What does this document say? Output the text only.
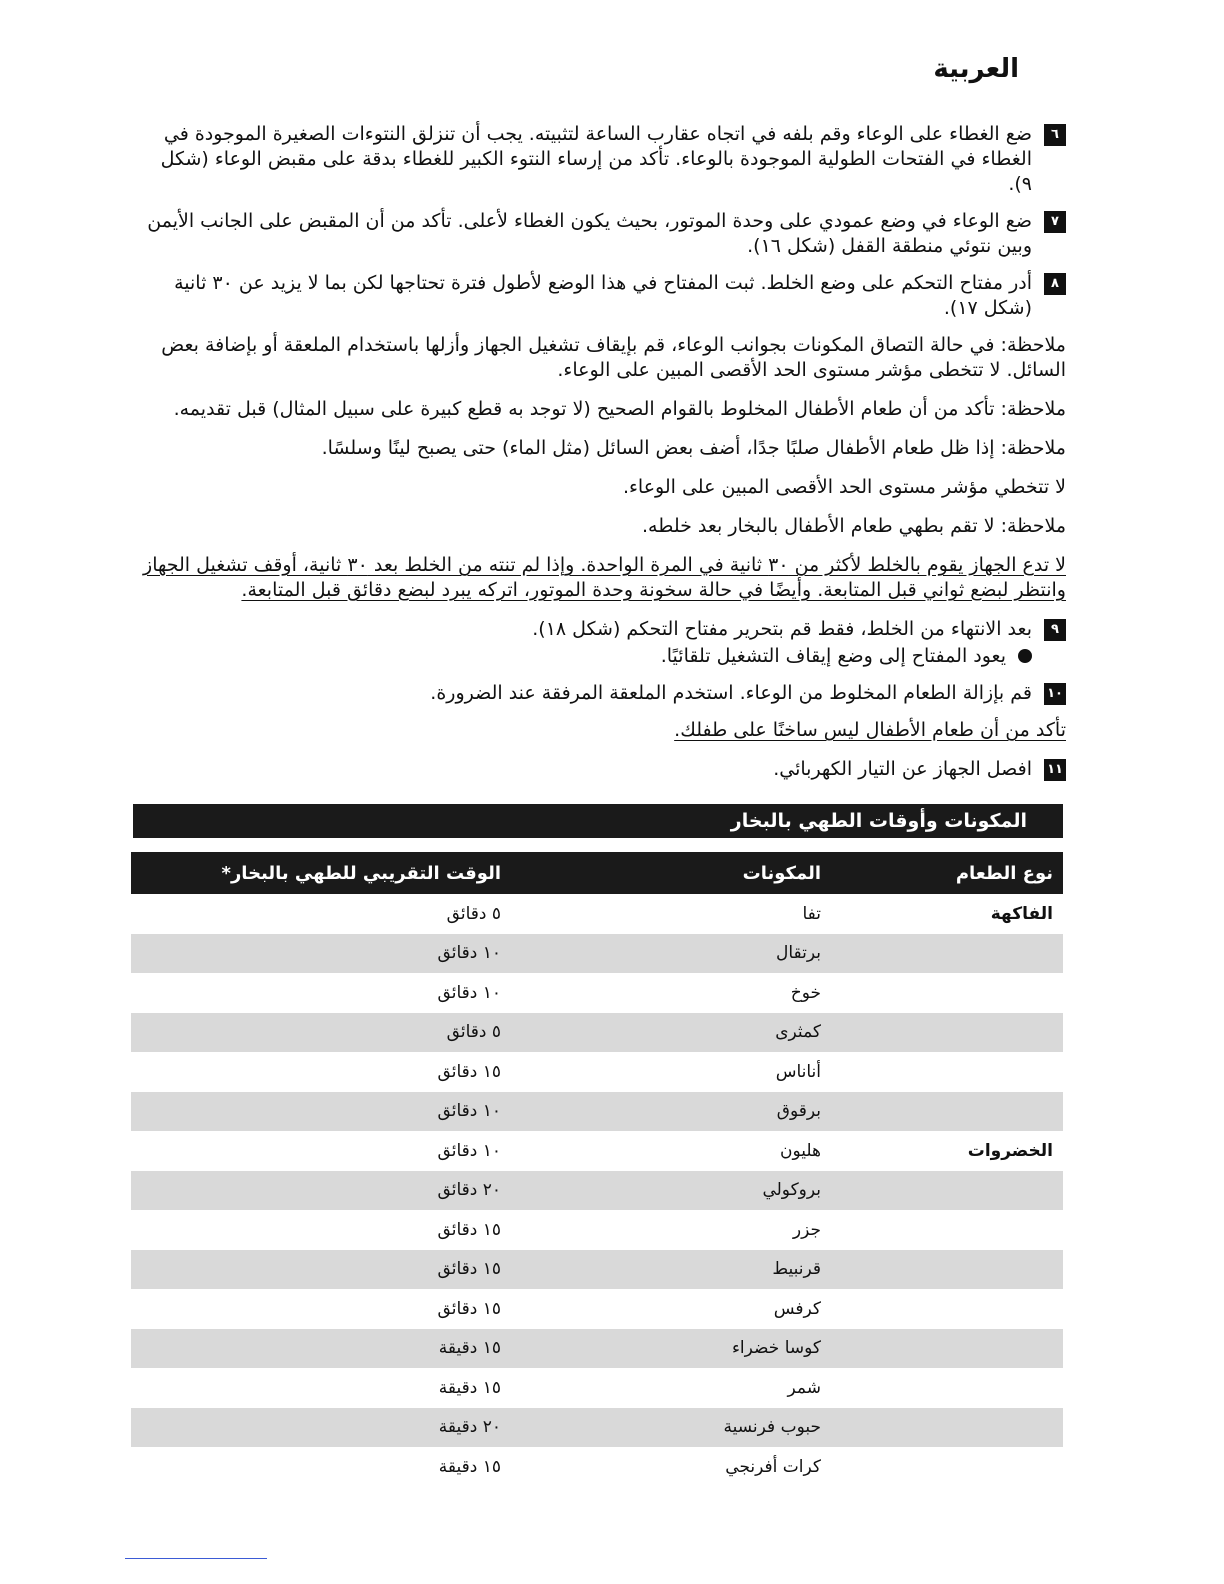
العربية
٦
ضع الغطاء على الوعاء وقم بلفه في اتجاه عقارب الساعة لتثبيته. يجب أن تنزلق النتوءات الصغيرة الموجودة في الغطاء في الفتحات الطولية الموجودة بالوعاء. تأكد من إرساء النتوء الكبير للغطاء بدقة على مقبض الوعاء (شكل ٩).
٧
ضع الوعاء في وضع عمودي على وحدة الموتور، بحيث يكون الغطاء لأعلى. تأكد من أن المقبض على الجانب الأيمن وبين نتوئي منطقة القفل (شكل ١٦).
٨
أدر مفتاح التحكم على وضع الخلط. ثبت المفتاح في هذا الوضع لأطول فترة تحتاجها لكن بما لا يزيد عن ٣٠ ثانية (شكل ١٧).
ملاحظة: في حالة التصاق المكونات بجوانب الوعاء، قم بإيقاف تشغيل الجهاز وأزلها باستخدام الملعقة أو بإضافة بعض السائل. لا تتخطى مؤشر مستوى الحد الأقصى المبين على الوعاء.
ملاحظة: تأكد من أن طعام الأطفال المخلوط بالقوام الصحيح (لا توجد به قطع كبيرة على سبيل المثال) قبل تقديمه.
ملاحظة: إذا ظل طعام الأطفال صلبًا جدًا، أضف بعض السائل (مثل الماء) حتى يصبح لينًا وسلسًا.
لا تتخطي مؤشر مستوى الحد الأقصى المبين على الوعاء.
ملاحظة: لا تقم بطهي طعام الأطفال بالبخار بعد خلطه.
لا تدع الجهاز يقوم بالخلط لأكثر من ٣٠ ثانية في المرة الواحدة. وإذا لم تنته من الخلط بعد ٣٠ ثانية، أوقف تشغيل الجهاز وانتظر لبضع ثواني قبل المتابعة. وأيضًا في حالة سخونة وحدة الموتور، اتركه يبرد لبضع دقائق قبل المتابعة.
٩
بعد الانتهاء من الخلط، فقط قم بتحرير مفتاح التحكم (شكل ١٨).
يعود المفتاح إلى وضع إيقاف التشغيل تلقائيًا.
١٠
قم بإزالة الطعام المخلوط من الوعاء. استخدم الملعقة المرفقة عند الضرورة.
تأكد من أن طعام الأطفال ليس ساخنًا على طفلك.
١١
افصل الجهاز عن التيار الكهربائي.
المكونات وأوقات الطهي بالبخار
نوع الطعام
المكونات
الوقت التقريبي للطهي بالبخار*
الفاكهة
تفا
٥ دقائق
برتقال
١٠ دقائق
خوخ
١٠ دقائق
كمثرى
٥ دقائق
أناناس
١٥ دقائق
برقوق
١٠ دقائق
الخضروات
هليون
١٠ دقائق
بروكولي
٢٠ دقائق
جزر
١٥ دقائق
قرنبيط
١٥ دقائق
كرفس
١٥ دقائق
كوسا خضراء
١٥ دقيقة
شمر
١٥ دقيقة
حبوب فرنسية
٢٠ دقيقة
كرات أفرنجي
١٥ دقيقة
